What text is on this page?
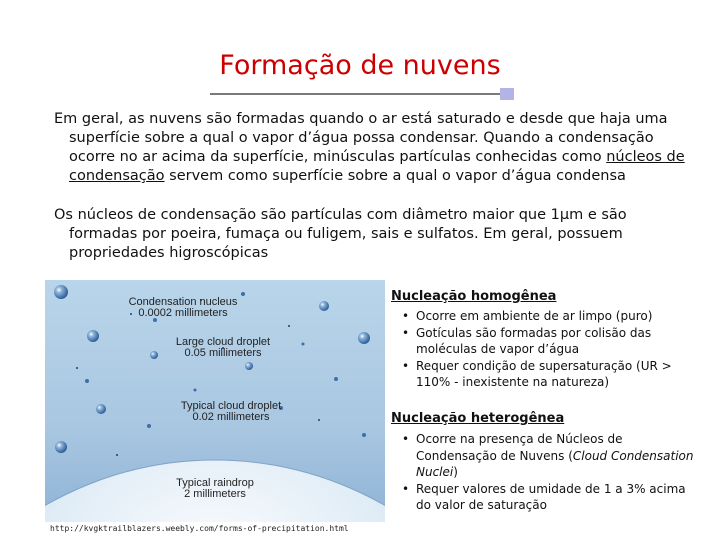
Formação de nuvens
Em geral, as nuvens são formadas quando o ar está saturado e desde que haja uma superfície sobre a qual o vapor d’água possa condensar. Quando a condensação ocorre no ar acima da superfície, minúsculas partículas conhecidas como núcleos de condensação servem como superfície sobre a qual o vapor d’água condensa
Os núcleos de condensação são partículas com diâmetro maior que 1μm e são formadas por poeira, fumaça ou fuligem, sais e sulfatos. Em geral, possuem propriedades higroscópicas
Condensation nucleus
0.0002 millimeters
Large cloud droplet
0.05 millimeters
Typical cloud droplet
0.02 millimeters
Typical raindrop
2 millimeters
http://kvgktrailblazers.weebly.com/forms-of-precipitation.html
Nucleação homogênea
• Ocorre em ambiente de ar limpo (puro)
• Gotículas são formadas por colisão das moléculas de vapor d’água
• Requer condição de supersaturação (UR > 110% - inexistente na natureza)
Nucleação heterogênea
• Ocorre na presença de Núcleos de Condensação de Nuvens (Cloud Condensation Nuclei)
• Requer valores de umidade de 1 a 3% acima do valor de saturação
